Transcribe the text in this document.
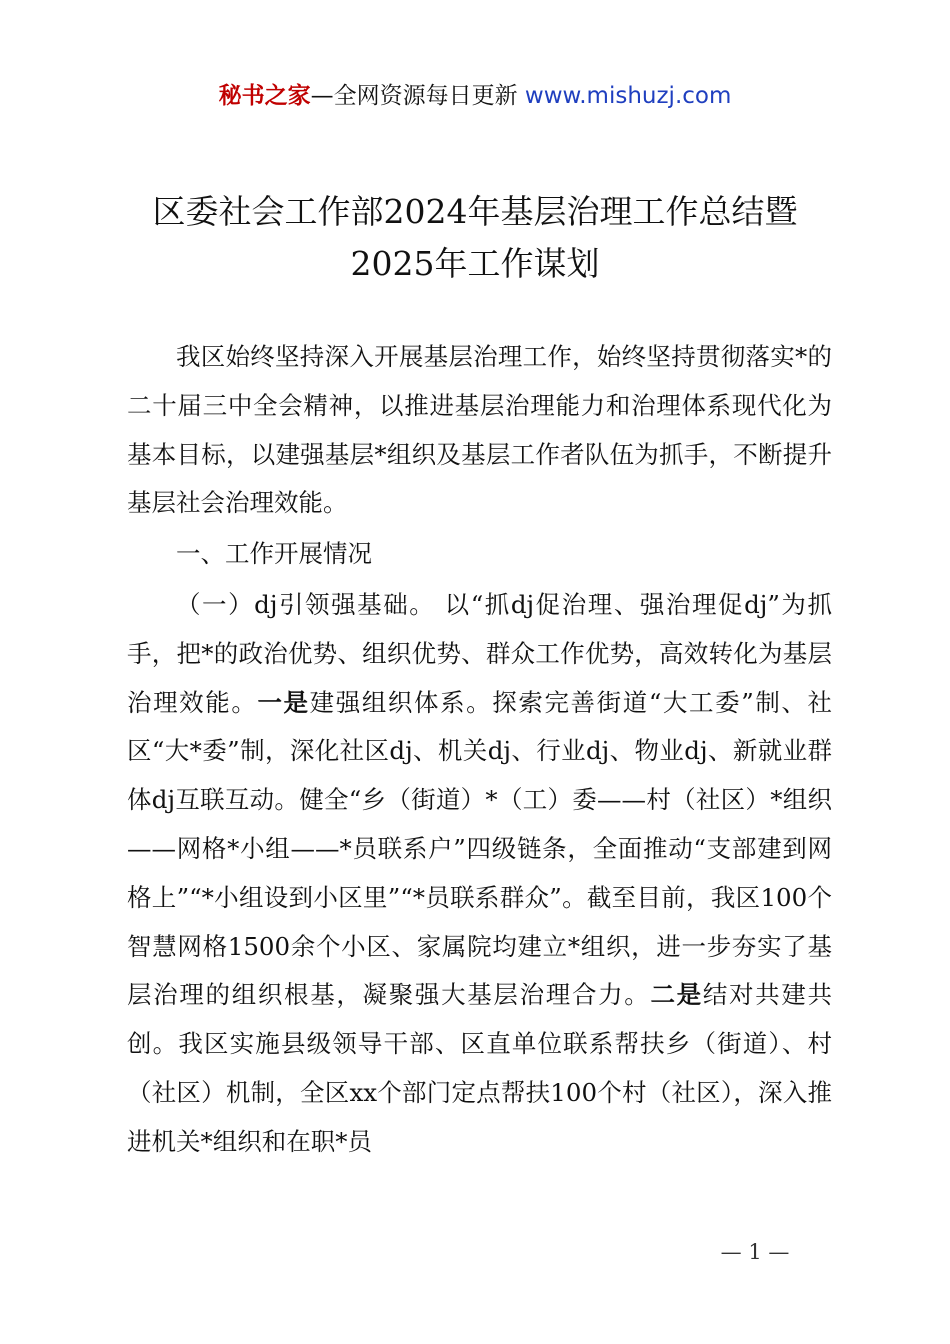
秘书之家—全网资源每日更新 www.mishuzj.com
区委社会工作部2024年基层治理工作总结暨
2025年工作谋划

我区始终坚持深入开展基层治理工作，始终坚持贯彻落实*的二十届三中全会精神，以推进基层治理能力和治理体系现代化为基本目标，以建强基层*组织及基层工作者队伍为抓手，不断提升基层社会治理效能。

一、工作开展情况

（一）dj引领强基础。 以“抓dj促治理、强治理促dj”为抓手，把*的政治优势、组织优势、群众工作优势，高效转化为基层治理效能。一是建强组织体系。探索完善街道“大工委”制、社区“大*委”制，深化社区dj、机关dj、行业dj、物业dj、新就业群体dj互联互动。健全“乡（街道）*（工）委——村（社区）*组织——网格*小组——*员联系户”四级链条，全面推动“支部建到网格上”“*小组设到小区里”“*员联系群众”。截至目前，我区100个智慧网格1500余个小区、家属院均建立*组织，进一步夯实了基层治理的组织根基，凝聚强大基层治理合力。二是结对共建共创。我区实施县级领导干部、区直单位联系帮扶乡（街道）、村（社区）机制，全区xx个部门定点帮扶100个村（社区），深入推进机关*组织和在职*员

— 1 —
